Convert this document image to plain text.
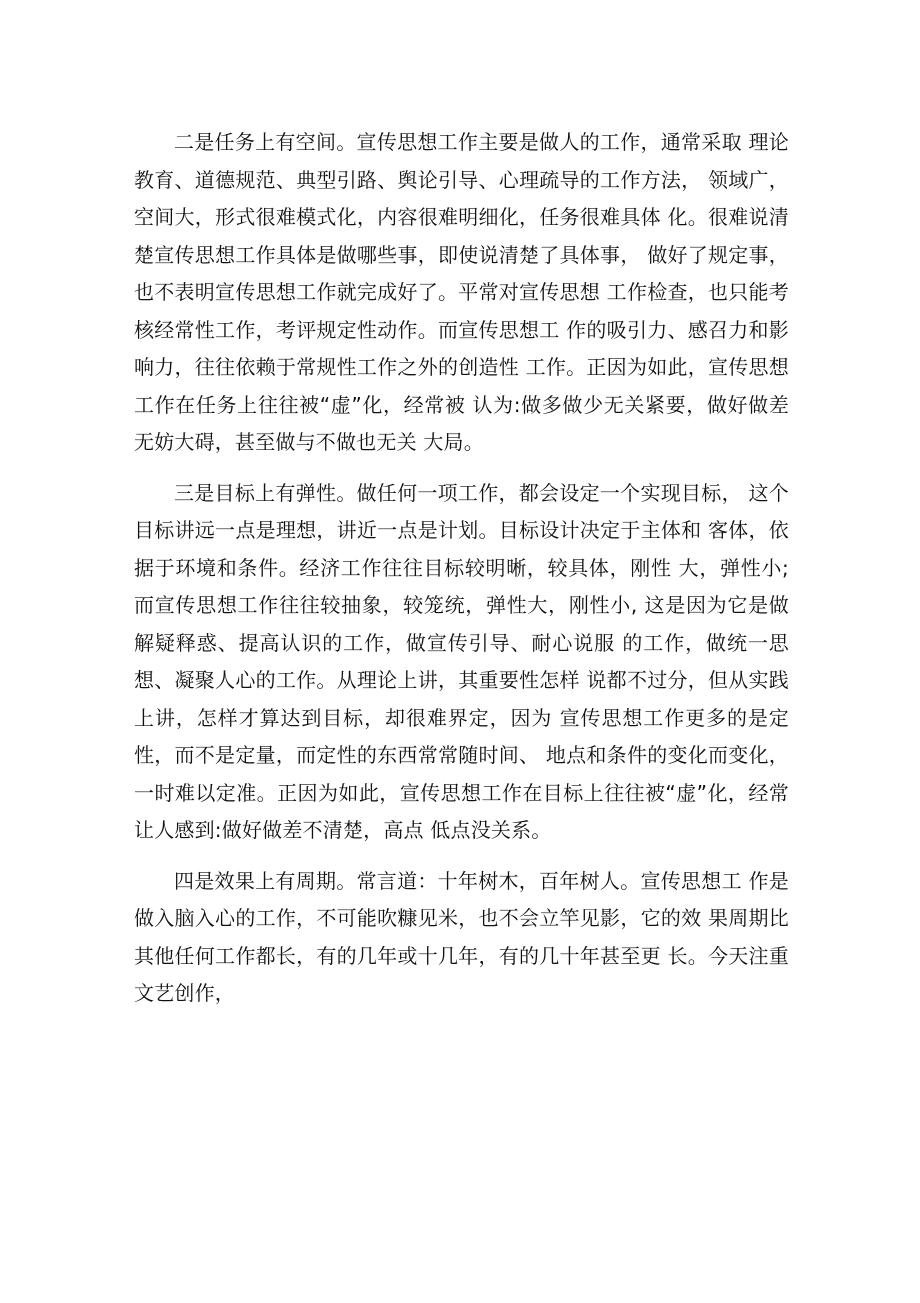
二是任务上有空间。宣传思想工作主要是做人的工作，通常采取 理论教育、道德规范、典型引路、舆论引导、心理疏导的工作方法， 领域广，空间大，形式很难模式化，内容很难明细化，任务很难具体 化。很难说清楚宣传思想工作具体是做哪些事，即使说清楚了具体事， 做好了规定事，也不表明宣传思想工作就完成好了。平常对宣传思想 工作检查，也只能考核经常性工作，考评规定性动作。而宣传思想工 作的吸引力、感召力和影响力，往往依赖于常规性工作之外的创造性 工作。正因为如此，宣传思想工作在任务上往往被“虚”化，经常被 认为:做多做少无关紧要，做好做差无妨大碍，甚至做与不做也无关 大局。

三是目标上有弹性。做任何一项工作，都会设定一个实现目标， 这个目标讲远一点是理想，讲近一点是计划。目标设计决定于主体和 客体，依据于环境和条件。经济工作往往目标较明晰，较具体，刚性 大，弹性小;而宣传思想工作往往较抽象，较笼统，弹性大，刚性小, 这是因为它是做解疑释惑、提高认识的工作，做宣传引导、耐心说服 的工作，做统一思想、凝聚人心的工作。从理论上讲，其重要性怎样 说都不过分，但从实践上讲，怎样才算达到目标，却很难界定，因为 宣传思想工作更多的是定性，而不是定量，而定性的东西常常随时间、 地点和条件的变化而变化，一时难以定准。正因为如此，宣传思想工作在目标上往往被“虚”化，经常让人感到:做好做差不清楚，高点 低点没关系。

四是效果上有周期。常言道：十年树木，百年树人。宣传思想工 作是做入脑入心的工作，不可能吹糠见米，也不会立竿见影，它的效 果周期比其他任何工作都长，有的几年或十几年，有的几十年甚至更 长。今天注重文艺创作，
